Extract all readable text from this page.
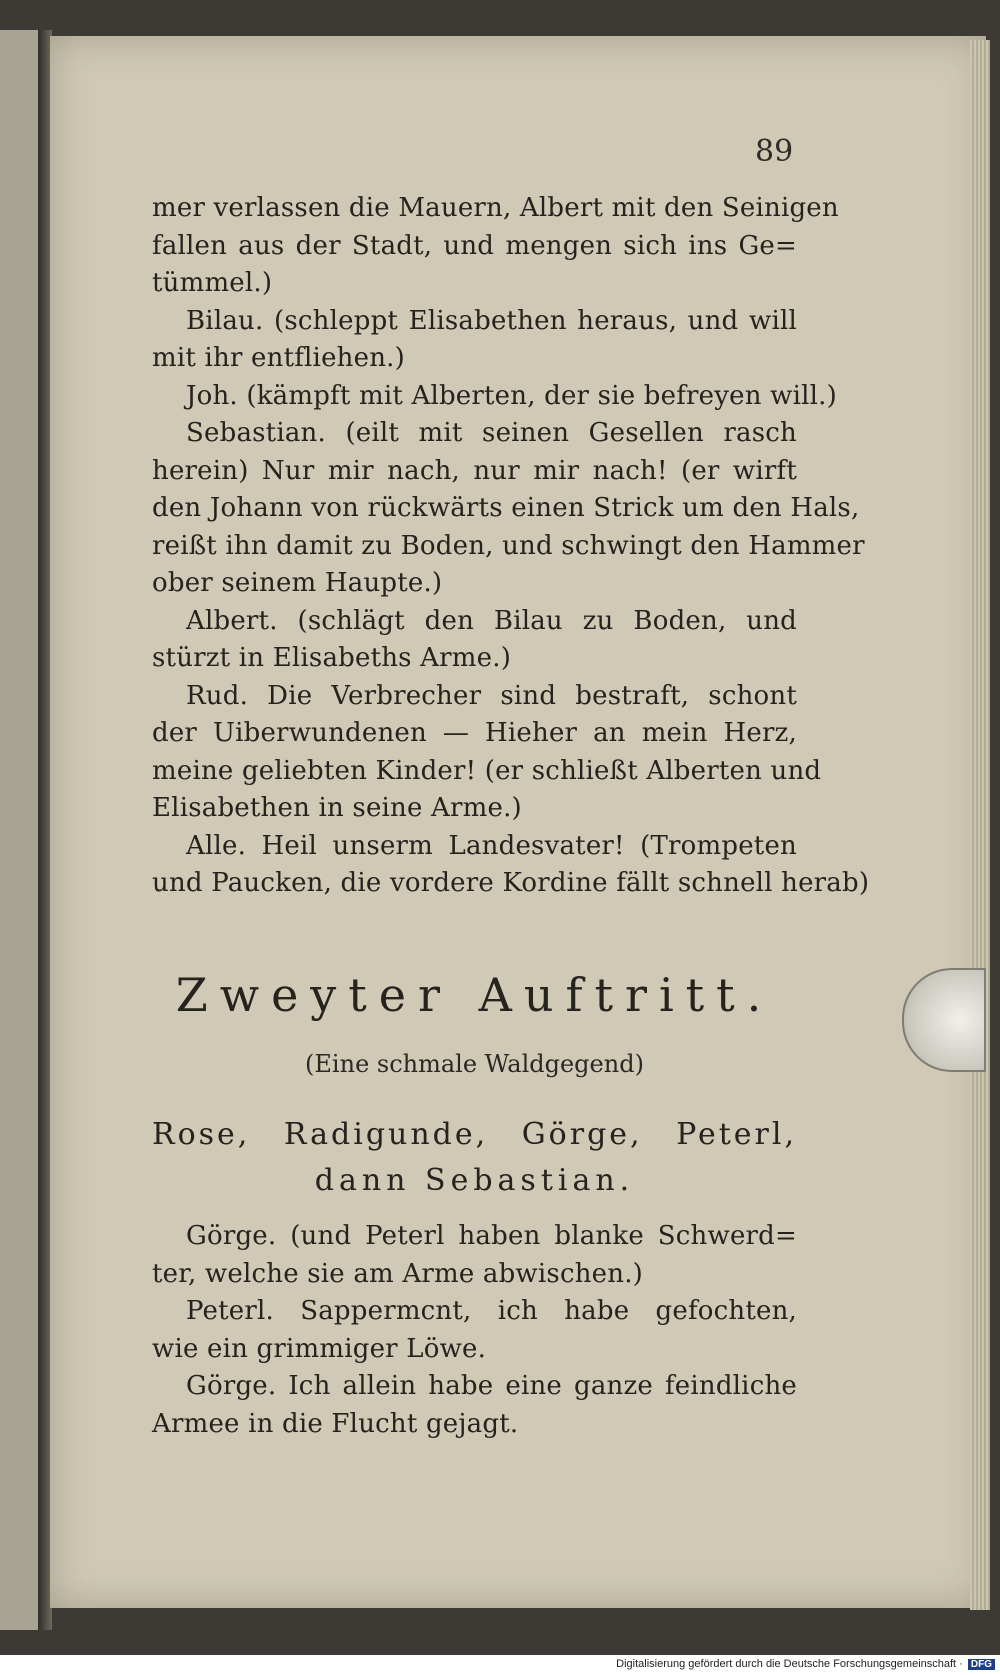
89
mer verlassen die Mauern, Albert mit den Seinigen
fallen aus der Stadt, und mengen sich ins Ge=
tümmel.)
Bilau. (schleppt Elisabethen heraus, und will
mit ihr entfliehen.)
Joh. (kämpft mit Alberten, der sie befreyen will.)
Sebastian. (eilt mit seinen Gesellen rasch
herein) Nur mir nach, nur mir nach! (er wirft
den Johann von rückwärts einen Strick um den Hals,
reißt ihn damit zu Boden, und schwingt den Hammer
ober seinem Haupte.)
Albert. (schlägt den Bilau zu Boden, und
stürzt in Elisabeths Arme.)
Rud. Die Verbrecher sind bestraft, schont
der Uiberwundenen — Hieher an mein Herz,
meine geliebten Kinder! (er schließt Alberten und
Elisabethen in seine Arme.)
Alle. Heil unserm Landesvater! (Trompeten
und Paucken, die vordere Kordine fällt schnell herab)
Zweyter Auftritt.
(Eine schmale Waldgegend)
Rose, Radigunde, Görge, Peterl,
dann Sebastian.
Görge. (und Peterl haben blanke Schwerd=
ter, welche sie am Arme abwischen.)
Peterl. Sappermcnt, ich habe gefochten,
wie ein grimmiger Löwe.
Görge. Ich allein habe eine ganze feindliche
Armee in die Flucht gejagt.
Digitalisierung gefördert durch die Deutsche Forschungsgemeinschaft · DFG
